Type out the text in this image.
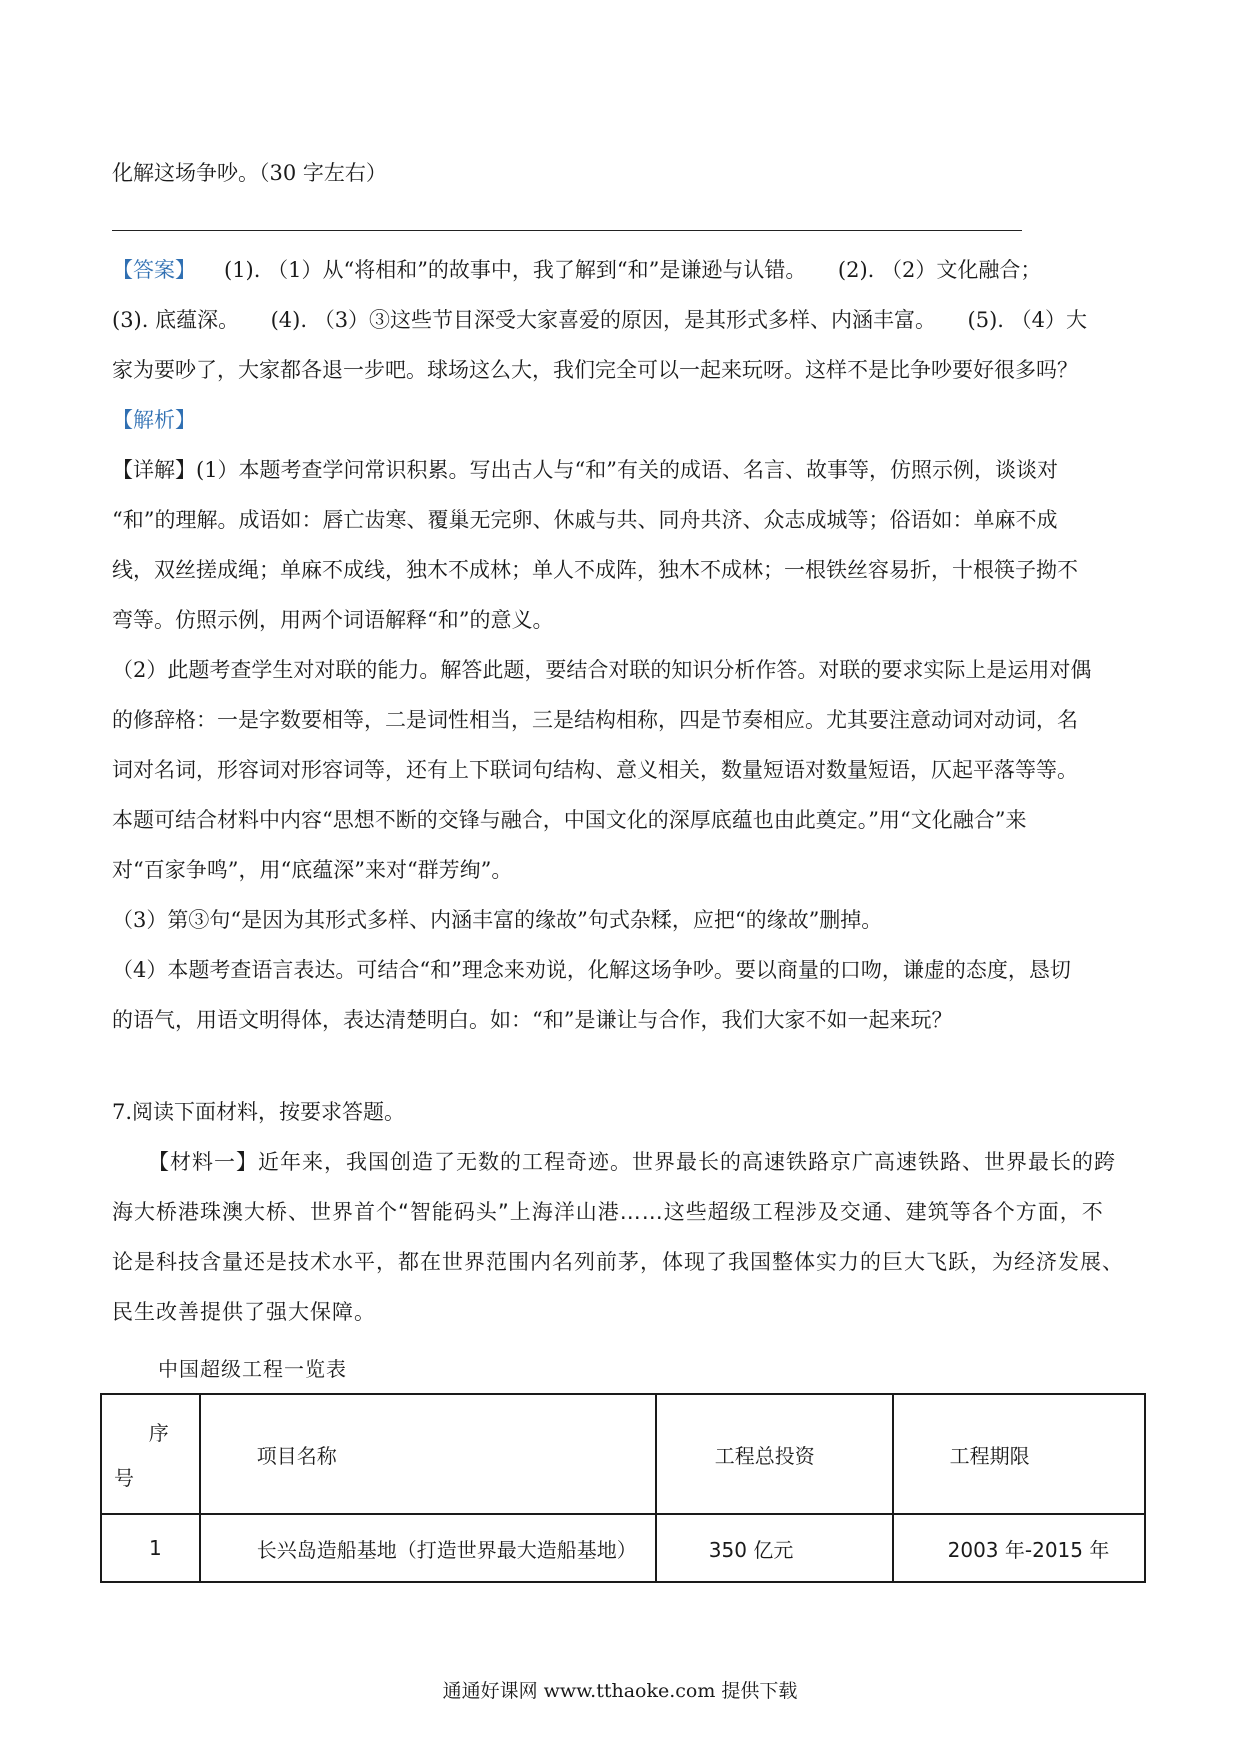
化解这场争吵。（30 字左右）
【答案】 (1). （1）从“将相和”的故事中，我了解到“和”是谦逊与认错。　　(2). （2）文化融合；
(3). 底蕴深。　　(4). （3）③这些节目深受大家喜爱的原因，是其形式多样、内涵丰富。　　(5). （4）大
家为要吵了，大家都各退一步吧。球场这么大，我们完全可以一起来玩呀。这样不是比争吵要好很多吗？
【解析】
【详解】(1）本题考查学问常识积累。写出古人与“和”有关的成语、名言、故事等，仿照示例，谈谈对
“和”的理解。成语如：唇亡齿寒、覆巢无完卵、休戚与共、同舟共济、众志成城等；俗语如：单麻不成
线，双丝搓成绳；单麻不成线，独木不成林；单人不成阵，独木不成林；一根铁丝容易折，十根筷子拗不
弯等。仿照示例，用两个词语解释“和”的意义。
（2）此题考查学生对对联的能力。解答此题，要结合对联的知识分析作答。对联的要求实际上是运用对偶
的修辞格：一是字数要相等，二是词性相当，三是结构相称，四是节奏相应。尤其要注意动词对动词，名
词对名词，形容词对形容词等，还有上下联词句结构、意义相关，数量短语对数量短语，仄起平落等等。
本题可结合材料中内容“思想不断的交锋与融合，中国文化的深厚底蕴也由此奠定。”用“文化融合”来
对“百家争鸣”，用“底蕴深”来对“群芳绚”。
（3）第③句“是因为其形式多样、内涵丰富的缘故”句式杂糅，应把“的缘故”删掉。
（4）本题考查语言表达。可结合“和”理念来劝说，化解这场争吵。要以商量的口吻，谦虚的态度，恳切
的语气，用语文明得体，表达清楚明白。如：“和”是谦让与合作，我们大家不如一起来玩？
7.阅读下面材料，按要求答题。
【材料一】近年来，我国创造了无数的工程奇迹。世界最长的高速铁路京广高速铁路、世界最长的跨
海大桥港珠澳大桥、世界首个“智能码头”上海洋山港……这些超级工程涉及交通、建筑等各个方面，不
论是科技含量还是技术水平，都在世界范围内名列前茅，体现了我国整体实力的巨大飞跃，为经济发展、
民生改善提供了强大保障。
中国超级工程一览表
序
号	项目名称	工程总投资	工程期限
1	长兴岛造船基地（打造世界最大造船基地）	350 亿元	2003 年-2015 年
通通好课网 www.tthaoke.com 提供下载
